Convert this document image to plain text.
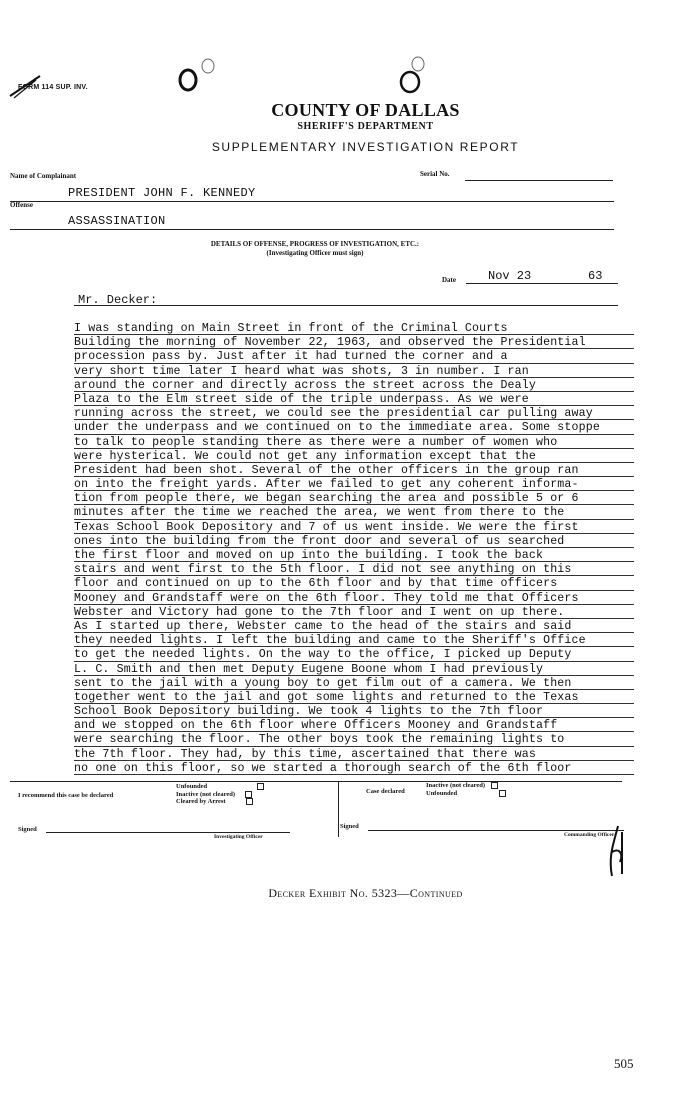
FORM 114 SUP. INV.
COUNTY OF DALLAS
SHERIFF'S DEPARTMENT
SUPPLEMENTARY INVESTIGATION REPORT
Name of Complainant	Serial No.
PRESIDENT JOHN F. KENNEDY
Offense
ASSASSINATION
DETAILS OF OFFENSE, PROGRESS OF INVESTIGATION, ETC.:
(Investigating Officer must sign)
Date	Nov 23	63
Mr. Decker:
I was standing on Main Street in front of the Criminal Courts
Building the morning of November 22, 1963, and observed the Presidential
procession pass by. Just after it had turned the corner and a
very short time later I heard what was shots, 3 in number. I ran
around the corner and directly across the street across the Dealy
Plaza to the Elm street side of the triple underpass. As we were
running across the street, we could see the presidential car pulling away
under the underpass and we continued on to the immediate area. Some stoppe
to talk to people standing there as there were a number of women who
were hysterical. We could not get any information except that the
President had been shot. Several of the other officers in the group ran
on into the freight yards. After we failed to get any coherent informa-
tion from people there, we began searching the area and possible 5 or 6
minutes after the time we reached the area, we went from there to the
Texas School Book Depository and 7 of us went inside. We were the first
ones into the building from the front door and several of us searched
the first floor and moved on up into the building. I took the back
stairs and went first to the 5th floor. I did not see anything on this
floor and continued on up to the 6th floor and by that time officers
Mooney and Grandstaff were on the 6th floor. They told me that Officers
Webster and Victory had gone to the 7th floor and I went on up there.
As I started up there, Webster came to the head of the stairs and said
they needed lights. I left the building and came to the Sheriff's Office
to get the needed lights. On the way to the office, I picked up Deputy
L. C. Smith and then met Deputy Eugene Boone whom I had previously
sent to the jail with a young boy to get film out of a camera. We then
together went to the jail and got some lights and returned to the Texas
School Book Depository building. We took 4 lights to the 7th floor
and we stopped on the 6th floor where Officers Mooney and Grandstaff
were searching the floor. The other boys took the remaining lights to
the 7th floor. They had, by this time, ascertained that there was
no one on this floor, so we started a thorough search of the 6th floor
I recommend this case be declared
Unfounded
Inactive (not cleared)
Cleared by Arrest
Case declared
Inactive (not cleared)
Unfounded
Signed
Investigating Officer
Signed
Commanding Officer
Decker Exhibit No. 5323—Continued
505
